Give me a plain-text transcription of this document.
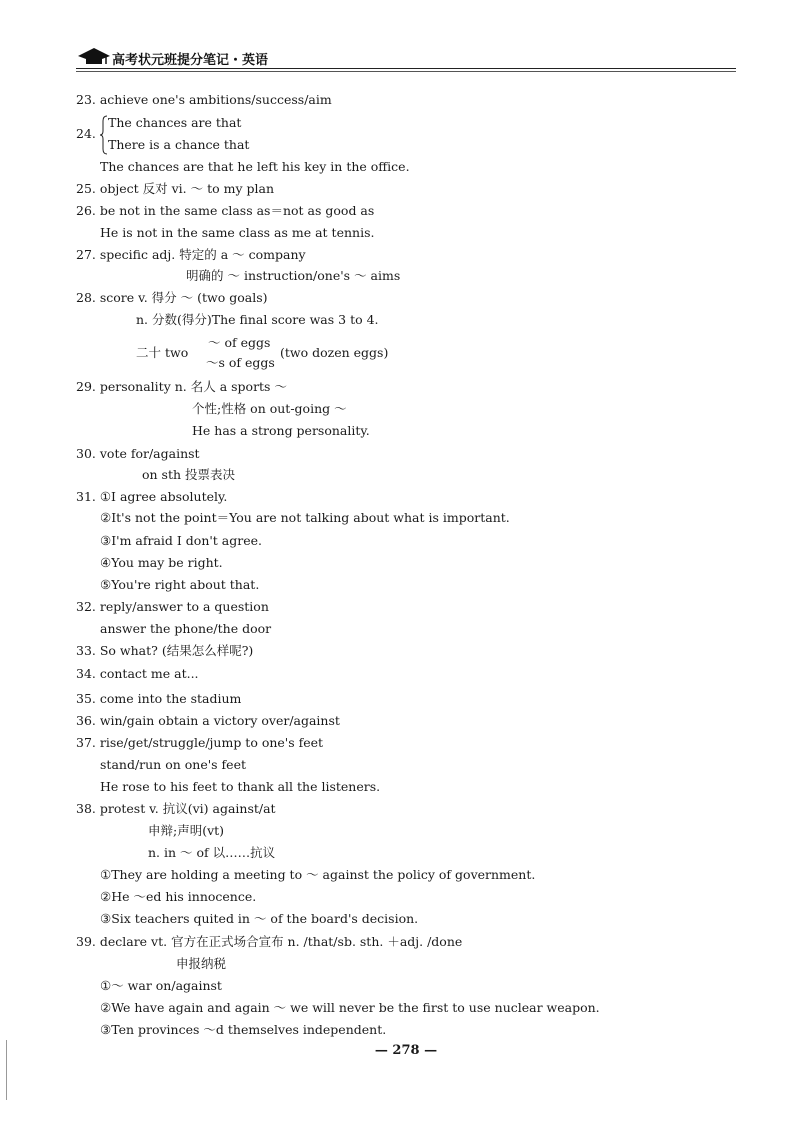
高考状元班提分笔记・英语
23. achieve one's ambitions/success/aim
24.
The chances are that
There is a chance that
The chances are that he left his key in the office.
25. object 反对 vi. ～ to my plan
26. be not in the same class as＝not as good as
He is not in the same class as me at tennis.
27. specific adj. 特定的 a ～ company
明确的 ～ instruction/one's ～ aims
28. score v. 得分 ～ (two goals)
n. 分数(得分)The final score was 3 to 4.
二十 two
～ of eggs
～s of eggs
(two dozen eggs)
29. personality n. 名人 a sports ～
个性;性格 on out-going ～
He has a strong personality.
30. vote for/against
on sth 投票表决
31. ①I agree absolutely.
②It's not the point＝You are not talking about what is important.
③I'm afraid I don't agree.
④You may be right.
⑤You're right about that.
32. reply/answer to a question
answer the phone/the door
33. So what? (结果怎么样呢?)
34. contact me at...
35. come into the stadium
36. win/gain obtain a victory over/against
37. rise/get/struggle/jump to one's feet
stand/run on one's feet
He rose to his feet to thank all the listeners.
38. protest v. 抗议(vi) against/at
申辩;声明(vt)
n. in ～ of 以……抗议
①They are holding a meeting to ～ against the policy of government.
②He ～ed his innocence.
③Six teachers quited in ～ of the board's decision.
39. declare vt. 官方在正式场合宣布 n. /that/sb. sth. ＋adj. /done
申报纳税
①～ war on/against
②We have again and again ～ we will never be the first to use nuclear weapon.
③Ten provinces ～d themselves independent.
— 278 —
